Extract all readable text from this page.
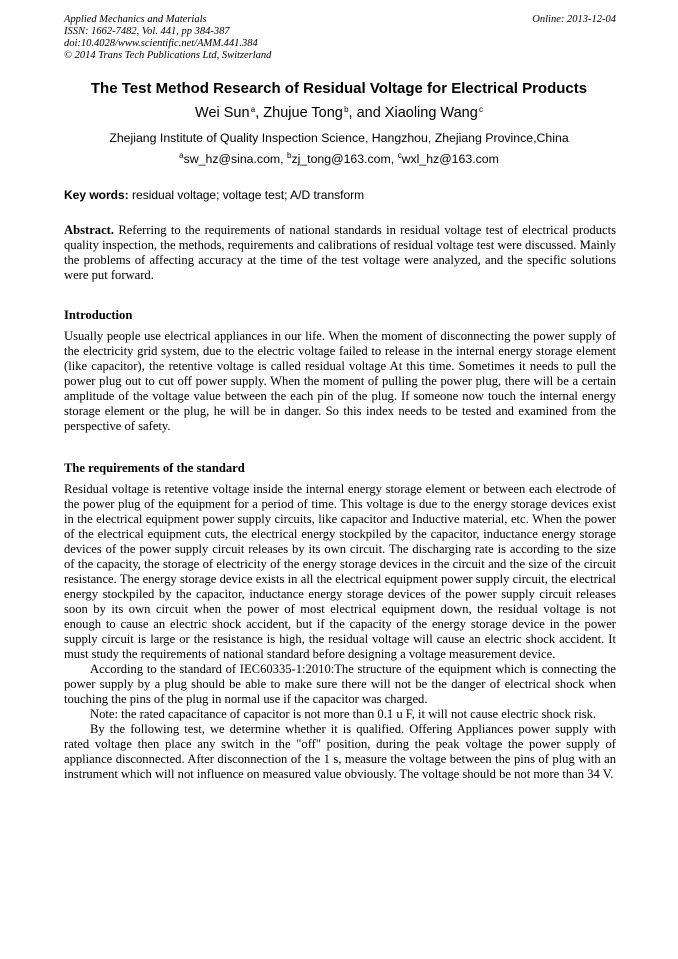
Applied Mechanics and Materials
ISSN: 1662-7482, Vol. 441, pp 384-387
doi:10.4028/www.scientific.net/AMM.441.384
© 2014 Trans Tech Publications Ltd, Switzerland
Online: 2013-12-04
The Test Method Research of Residual Voltage for Electrical Products
Wei Sun $^a$, Zhujue Tong $^b$, and Xiaoling Wang $^c$
Zhejiang Institute of Quality Inspection Science, Hangzhou, Zhejiang Province,China
$^a$sw_hz@sina.com, $^b$zj_tong@163.com, $^c$wxl_hz@163.com
Key words: residual voltage; voltage test; A/D transform
Abstract. Referring to the requirements of national standards in residual voltage test of electrical products quality inspection, the methods, requirements and calibrations of residual voltage test were discussed. Mainly the problems of affecting accuracy at the time of the test voltage were analyzed, and the specific solutions were put forward.
Introduction

Usually people use electrical appliances in our life. When the moment of disconnecting the power supply of the electricity grid system, due to the electric voltage failed to release in the internal energy storage element (like capacitor), the retentive voltage is called residual voltage At this time. Sometimes it needs to pull the power plug out to cut off power supply. When the moment of pulling the power plug, there will be a certain amplitude of the voltage value between the each pin of the plug. If someone now touch the internal energy storage element or the plug, he will be in danger. So this index needs to be tested and examined from the perspective of safety.

The requirements of the standard

Residual voltage is retentive voltage inside the internal energy storage element or between each electrode of the power plug of the equipment for a period of time. This voltage is due to the energy storage devices exist in the electrical equipment power supply circuits, like capacitor and Inductive material, etc. When the power of the electrical equipment cuts, the electrical energy stockpiled by the capacitor, inductance energy storage devices of the power supply circuit releases by its own circuit. The discharging rate is according to the size of the capacity, the storage of electricity of the energy storage devices in the circuit and the size of the circuit resistance. The energy storage device exists in all the electrical equipment power supply circuit, the electrical energy stockpiled by the capacitor, inductance energy storage devices of the power supply circuit releases soon by its own circuit when the power of most electrical equipment down, the residual voltage is not enough to cause an electric shock accident, but if the capacity of the energy storage device in the power supply circuit is large or the resistance is high, the residual voltage will cause an electric shock accident. It must study the requirements of national standard before designing a voltage measurement device.

According to the standard of IEC60335-1:2010:The structure of the equipment which is connecting the power supply by a plug should be able to make sure there will not be the danger of electrical shock when touching the pins of the plug in normal use if the capacitor was charged.

Note: the rated capacitance of capacitor is not more than 0.1 u F, it will not cause electric shock risk.

By the following test, we determine whether it is qualified. Offering Appliances power supply with rated voltage then place any switch in the "off" position, during the peak voltage the power supply of appliance disconnected. After disconnection of the 1 s, measure the voltage between the pins of plug with an instrument which will not influence on measured value obviously. The voltage should be not more than 34 V.
